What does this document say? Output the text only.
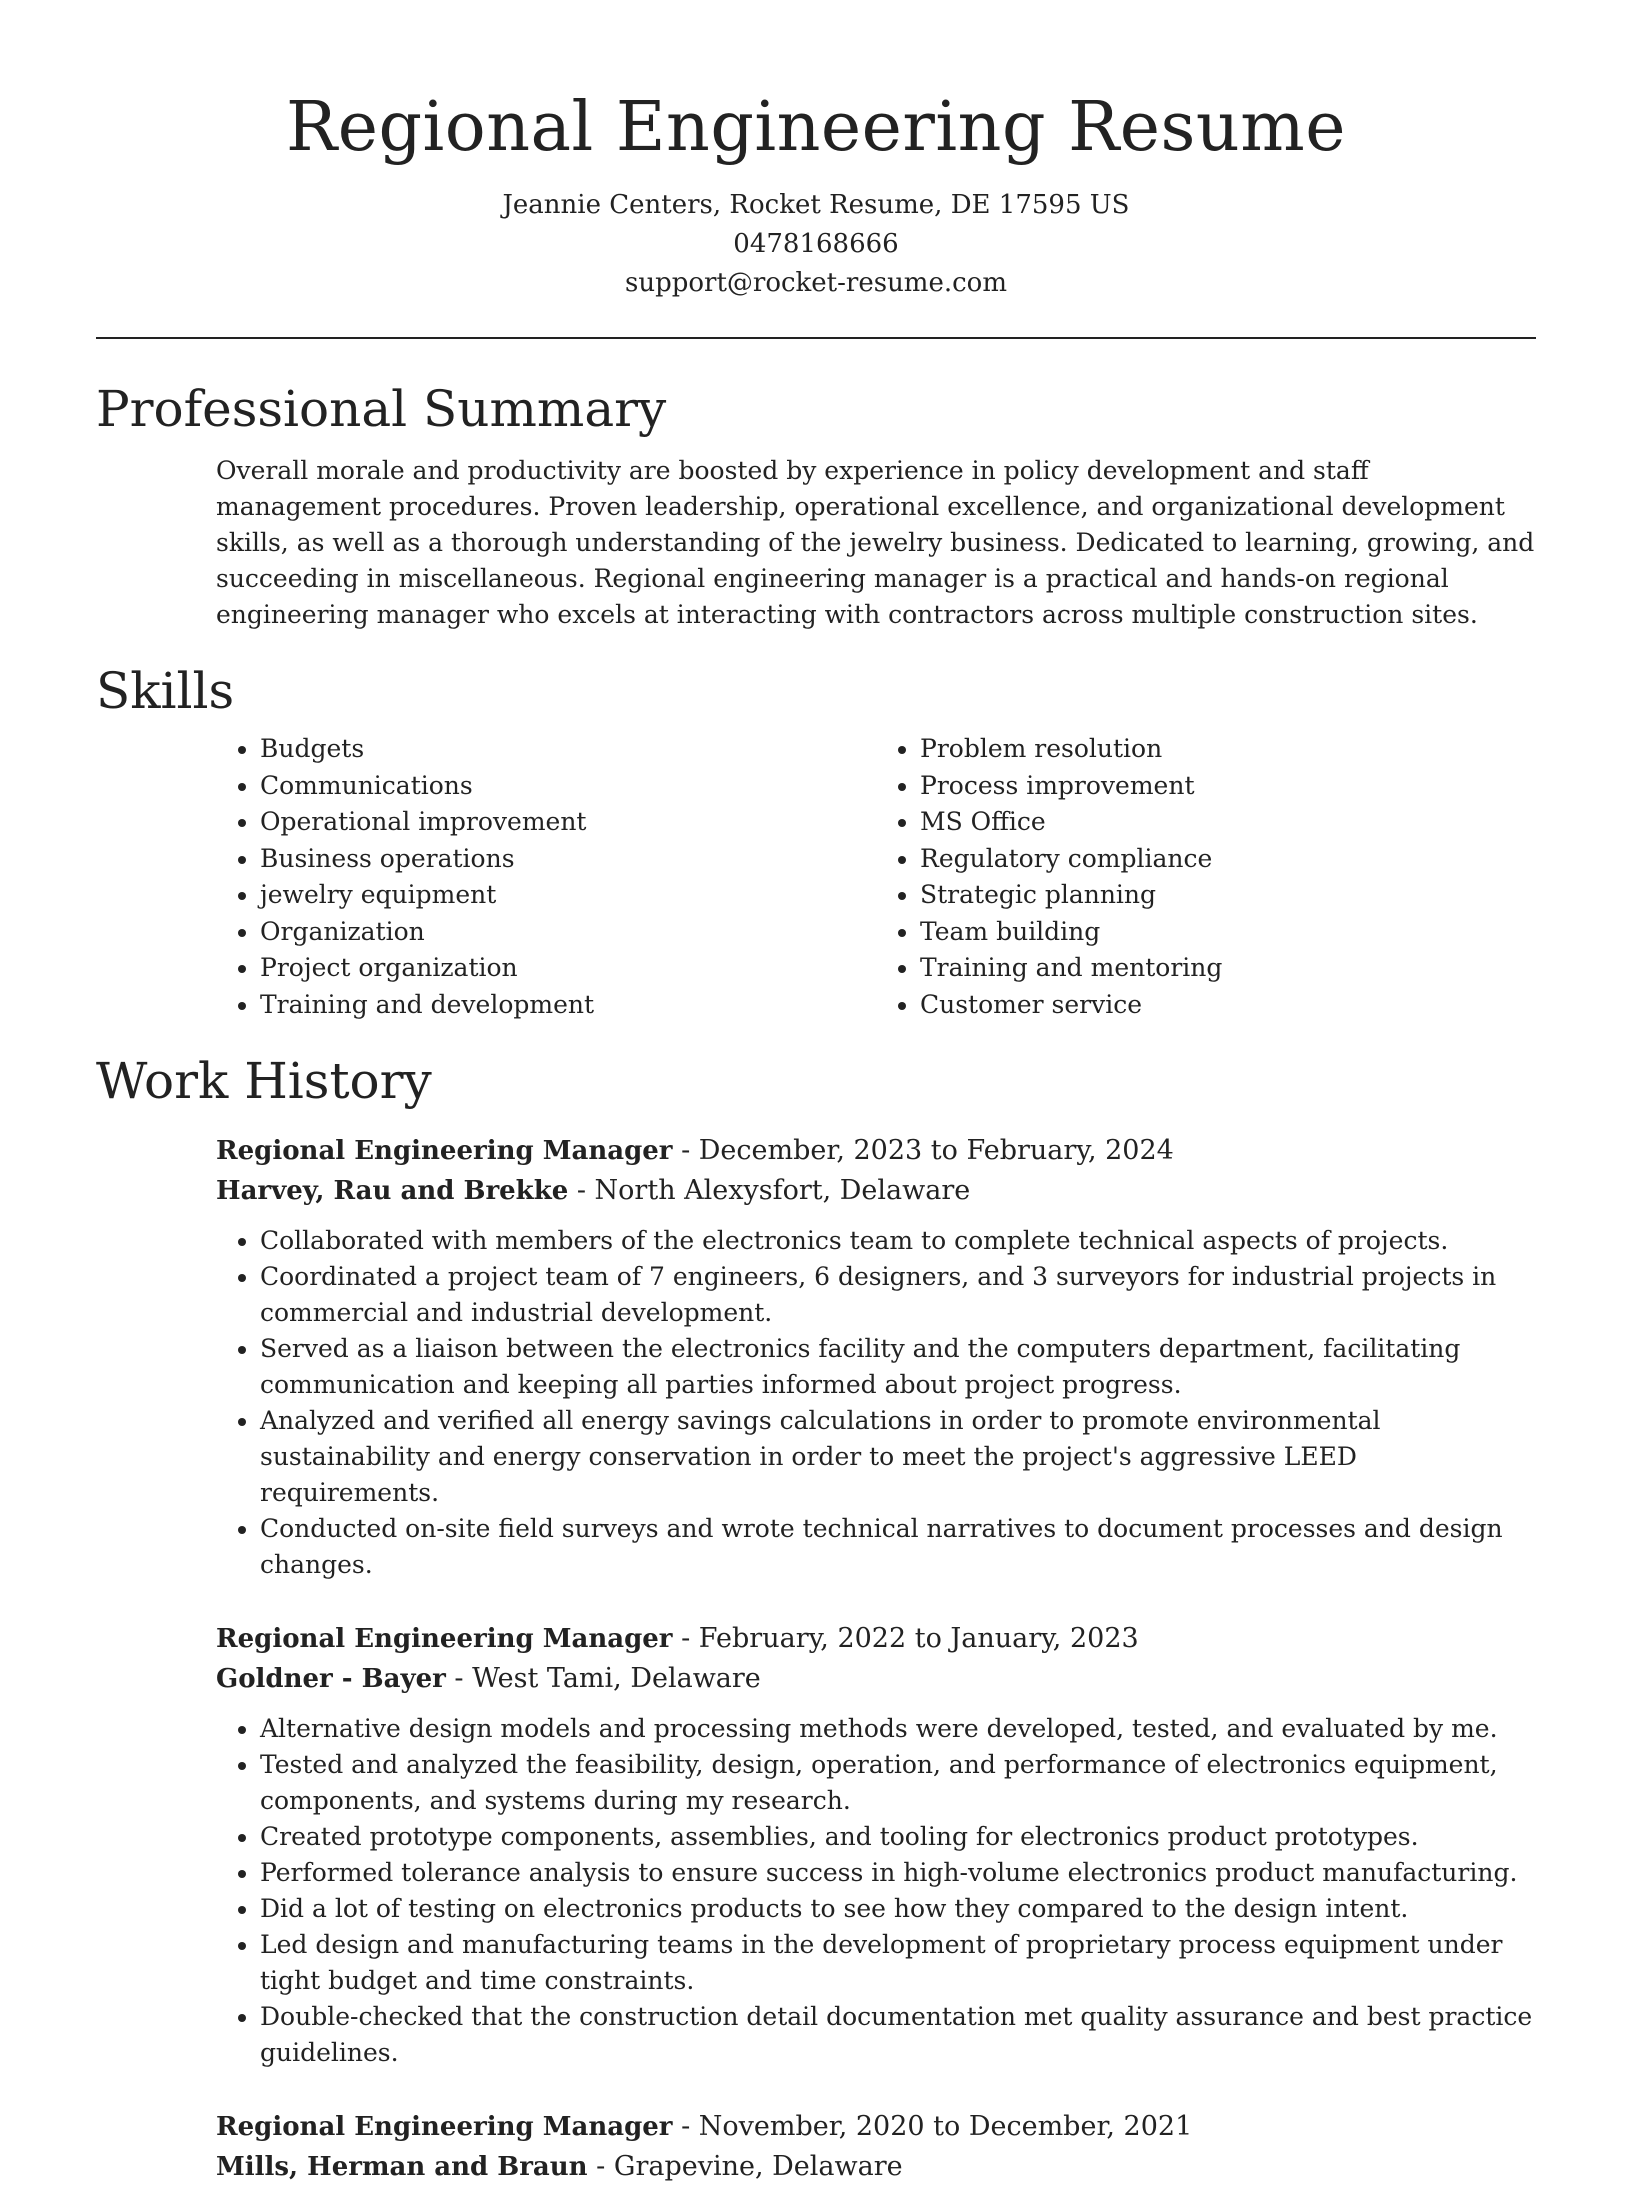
Regional Engineering Resume
Jeannie Centers, Rocket Resume, DE 17595 US
0478168666
support@rocket-resume.com
Professional Summary

Overall morale and productivity are boosted by experience in policy development and staff management procedures. Proven leadership, operational excellence, and organizational development skills, as well as a thorough understanding of the jewelry business. Dedicated to learning, growing, and succeeding in miscellaneous. Regional engineering manager is a practical and hands-on regional engineering manager who excels at interacting with contractors across multiple construction sites.

Skills
• Budgets
• Communications
• Operational improvement
• Business operations
• jewelry equipment
• Organization
• Project organization
• Training and development
• Problem resolution
• Process improvement
• MS Office
• Regulatory compliance
• Strategic planning
• Team building
• Training and mentoring
• Customer service
Work History
Regional Engineering Manager - December, 2023 to February, 2024
Harvey, Rau and Brekke - North Alexysfort, Delaware
• Collaborated with members of the electronics team to complete technical aspects of projects.
• Coordinated a project team of 7 engineers, 6 designers, and 3 surveyors for industrial projects in commercial and industrial development.
• Served as a liaison between the electronics facility and the computers department, facilitating communication and keeping all parties informed about project progress.
• Analyzed and verified all energy savings calculations in order to promote environmental sustainability and energy conservation in order to meet the project's aggressive LEED requirements.
• Conducted on-site field surveys and wrote technical narratives to document processes and design changes.
Regional Engineering Manager - February, 2022 to January, 2023
Goldner - Bayer - West Tami, Delaware
• Alternative design models and processing methods were developed, tested, and evaluated by me.
• Tested and analyzed the feasibility, design, operation, and performance of electronics equipment, components, and systems during my research.
• Created prototype components, assemblies, and tooling for electronics product prototypes.
• Performed tolerance analysis to ensure success in high-volume electronics product manufacturing.
• Did a lot of testing on electronics products to see how they compared to the design intent.
• Led design and manufacturing teams in the development of proprietary process equipment under tight budget and time constraints.
• Double-checked that the construction detail documentation met quality assurance and best practice guidelines.
Regional Engineering Manager - November, 2020 to December, 2021
Mills, Herman and Braun - Grapevine, Delaware
